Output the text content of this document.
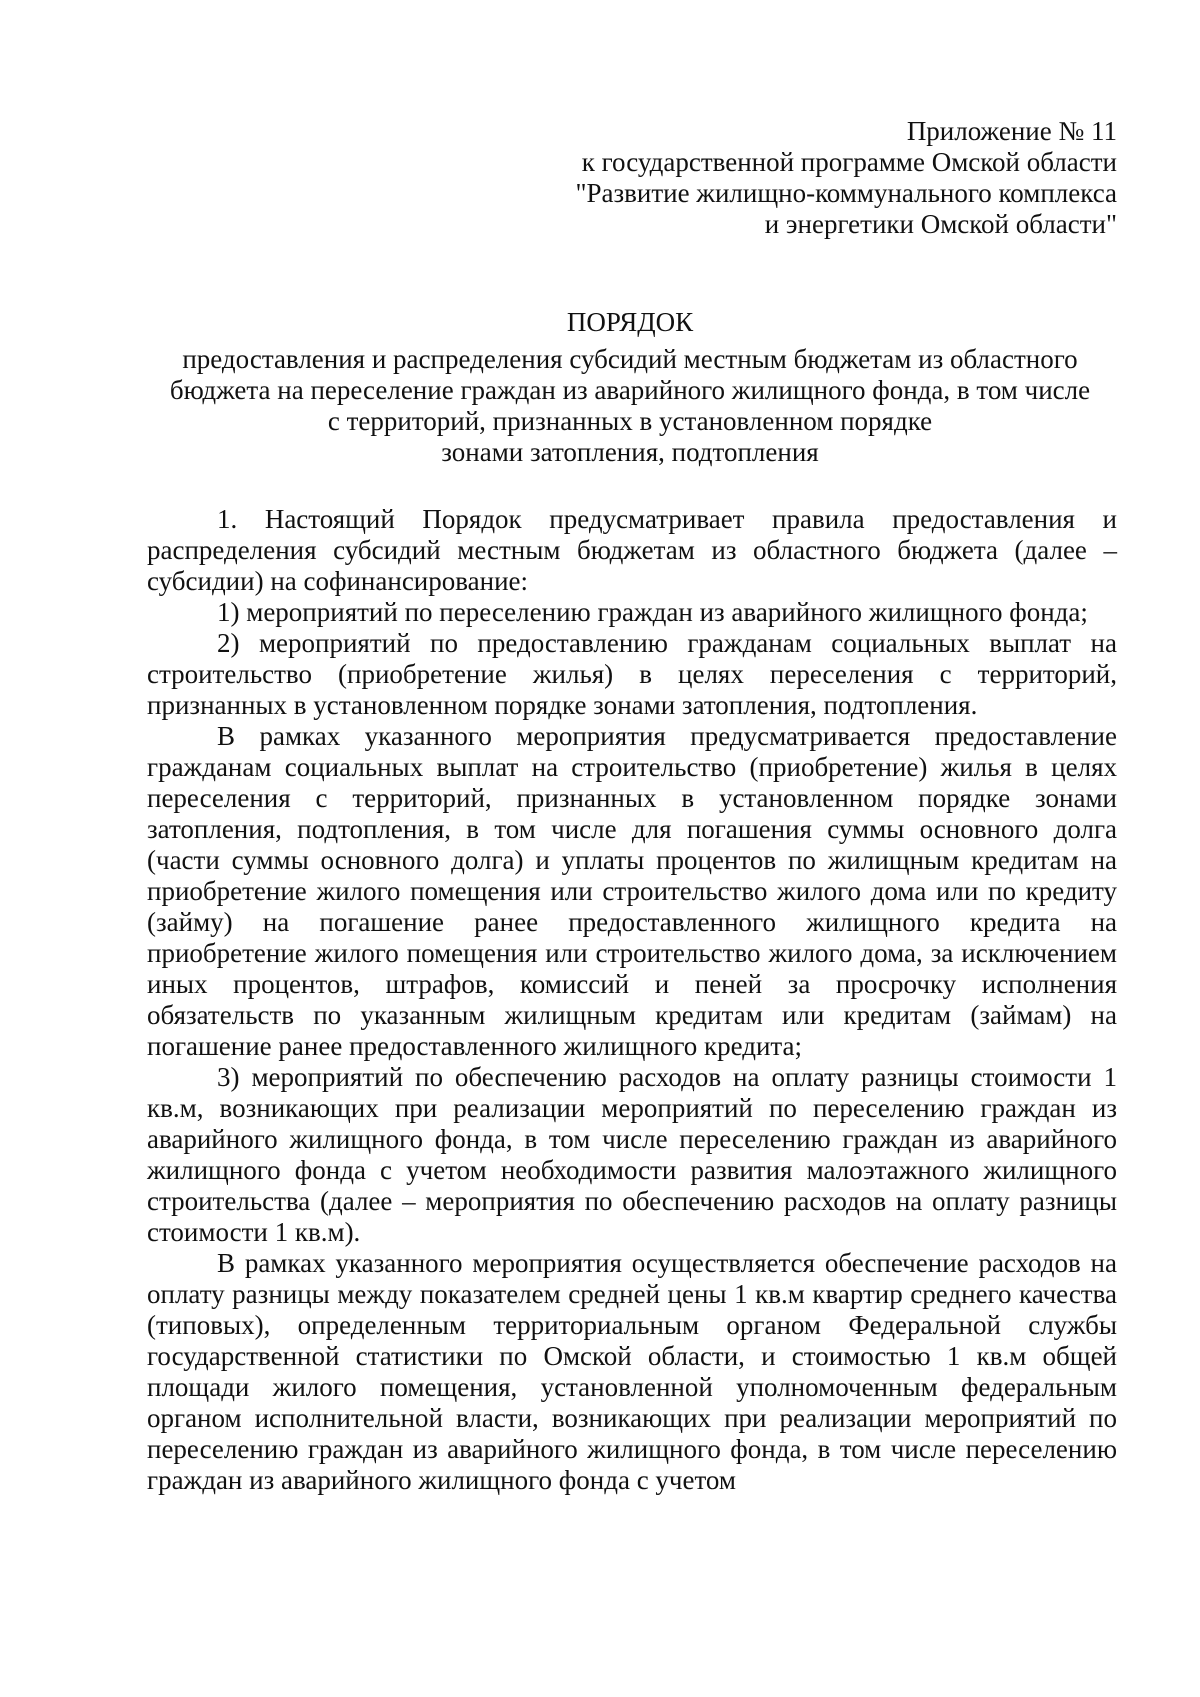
Приложение № 11
к государственной программе Омской области
"Развитие жилищно-коммунального комплекса
и энергетики Омской области"
ПОРЯДОК
предоставления и распределения субсидий местным бюджетам из областного
бюджета на переселение граждан из аварийного жилищного фонда, в том числе
с территорий, признанных в установленном порядке
зонами затопления, подтопления

1. Настоящий Порядок предусматривает правила предоставления и распределения субсидий местным бюджетам из областного бюджета (далее – субсидии) на софинансирование:

1) мероприятий по переселению граждан из аварийного жилищного фонда;

2) мероприятий по предоставлению гражданам социальных выплат на строительство (приобретение жилья) в целях переселения с территорий, признанных в установленном порядке зонами затопления, подтопления.

В рамках указанного мероприятия предусматривается предоставление гражданам социальных выплат на строительство (приобретение) жилья в целях переселения с территорий, признанных в установленном порядке зонами затопления, подтопления, в том числе для погашения суммы основного долга (части суммы основного долга) и уплаты процентов по жилищным кредитам на приобретение жилого помещения или строительство жилого дома или по кредиту (займу) на погашение ранее предоставленного жилищного кредита на приобретение жилого помещения или строительство жилого дома, за исключением иных процентов, штрафов, комиссий и пеней за просрочку исполнения обязательств по указанным жилищным кредитам или кредитам (займам) на погашение ранее предоставленного жилищного кредита;

3) мероприятий по обеспечению расходов на оплату разницы стоимости 1 кв.м, возникающих при реализации мероприятий по переселению граждан из аварийного жилищного фонда, в том числе переселению граждан из аварийного жилищного фонда с учетом необходимости развития малоэтажного жилищного строительства (далее – мероприятия по обеспечению расходов на оплату разницы стоимости 1 кв.м).

В рамках указанного мероприятия осуществляется обеспечение расходов на оплату разницы между показателем средней цены 1 кв.м квартир среднего качества (типовых), определенным территориальным органом Федеральной службы государственной статистики по Омской области, и стоимостью 1 кв.м общей площади жилого помещения, установленной уполномоченным федеральным органом исполнительной власти, возникающих при реализации мероприятий по переселению граждан из аварийного жилищного фонда, в том числе переселению граждан из аварийного жилищного фонда с учетом
